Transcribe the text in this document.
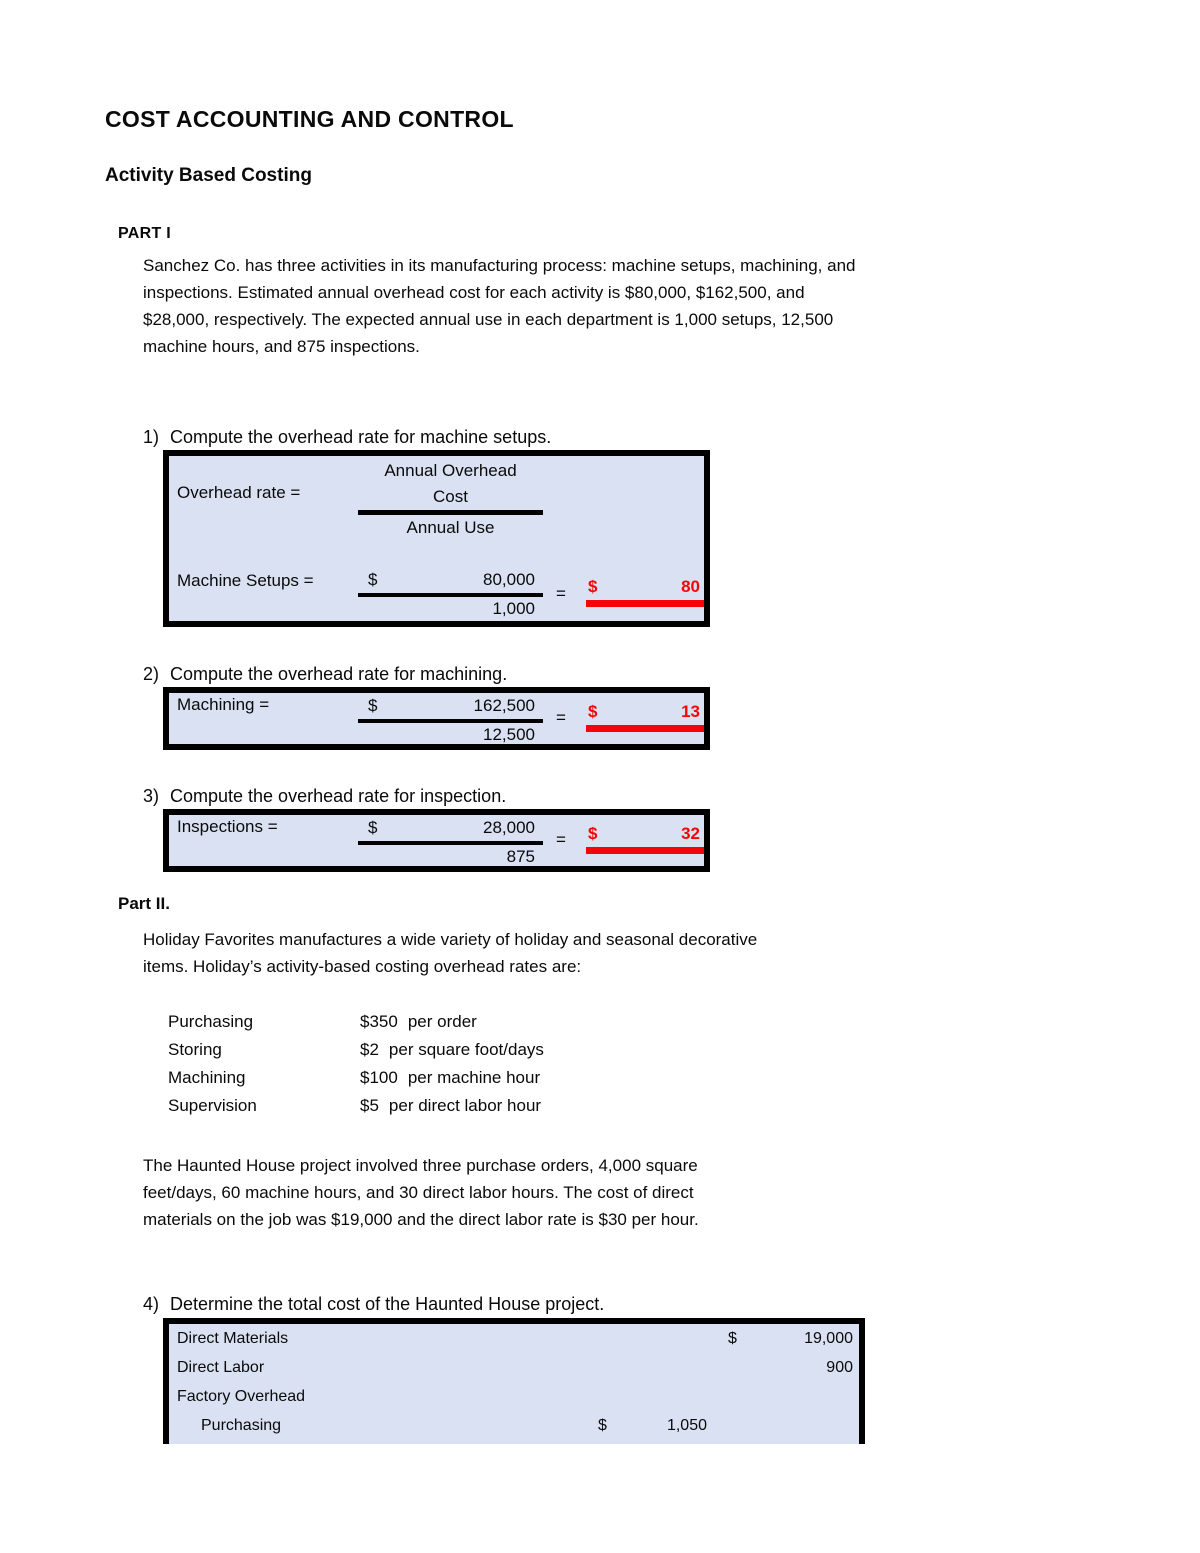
COST ACCOUNTING AND CONTROL
Activity Based Costing
PART I
Sanchez Co. has three activities in its manufacturing process: machine setups, machining, and
inspections. Estimated annual overhead cost for each activity is $80,000, $162,500, and
$28,000, respectively. The expected annual use in each department is 1,000 setups, 12,500
machine hours, and 875 inspections.
1) Compute the overhead rate for machine setups.
Overhead rate =
Annual Overhead
Cost
Annual Use
Machine Setups =	$	80,000
1,000
= $	80
2) Compute the overhead rate for machining.
Machining =	$	162,500
12,500
= $	13
3) Compute the overhead rate for inspection.
Inspections =	$	28,000
875
= $	32
Part II.
Holiday Favorites manufactures a wide variety of holiday and seasonal decorative
items. Holiday’s activity-based costing overhead rates are:
Purchasing	$350 per order
Storing	$2 per square foot/days
Machining	$100 per machine hour
Supervision	$5 per direct labor hour
The Haunted House project involved three purchase orders, 4,000 square
feet/days, 60 machine hours, and 30 direct labor hours. The cost of direct
materials on the job was $19,000 and the direct labor rate is $30 per hour.
4) Determine the total cost of the Haunted House project.
Direct Materials	$	19,000
Direct Labor	900
Factory Overhead
Purchasing	$	1,050
